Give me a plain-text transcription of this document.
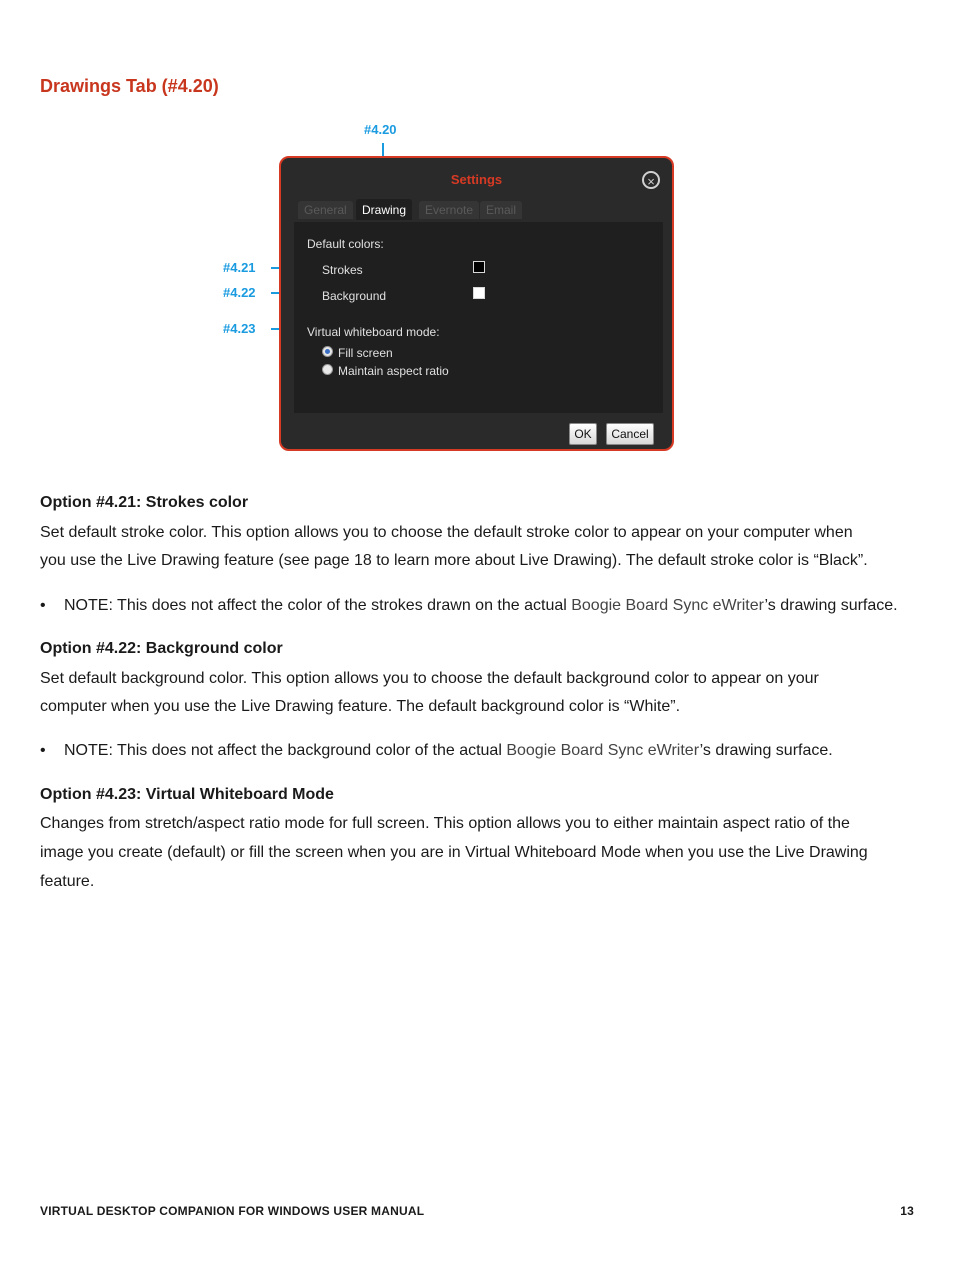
Drawings Tab (#4.20)
#4.20
#4.21
#4.22
#4.23
Settings	×
General	Drawing	Evernote	Email
Default colors:
Strokes
Background
Virtual whiteboard mode:
Fill screen
Maintain aspect ratio
OK	Cancel
Option #4.21: Strokes color

Set default stroke color. This option allows you to choose the default stroke color to appear on your computer when

you use the Live Drawing feature (see page 18 to learn more about Live Drawing). The default stroke color is “Black”.

• NOTE: This does not affect the color of the strokes drawn on the actual Boogie Board Sync eWriter’s drawing surface.
Option #4.22: Background color

Set default background color. This option allows you to choose the default background color to appear on your

computer when you use the Live Drawing feature. The default background color is “White”.

• NOTE: This does not affect the background color of the actual Boogie Board Sync eWriter’s drawing surface.
Option #4.23: Virtual Whiteboard Mode

Changes from stretch/aspect ratio mode for full screen. This option allows you to either maintain aspect ratio of the

image you create (default) or fill the screen when you are in Virtual Whiteboard Mode when you use the Live Drawing

feature.

VIRTUAL DESKTOP COMPANION FOR WINDOWS USER MANUAL	13
